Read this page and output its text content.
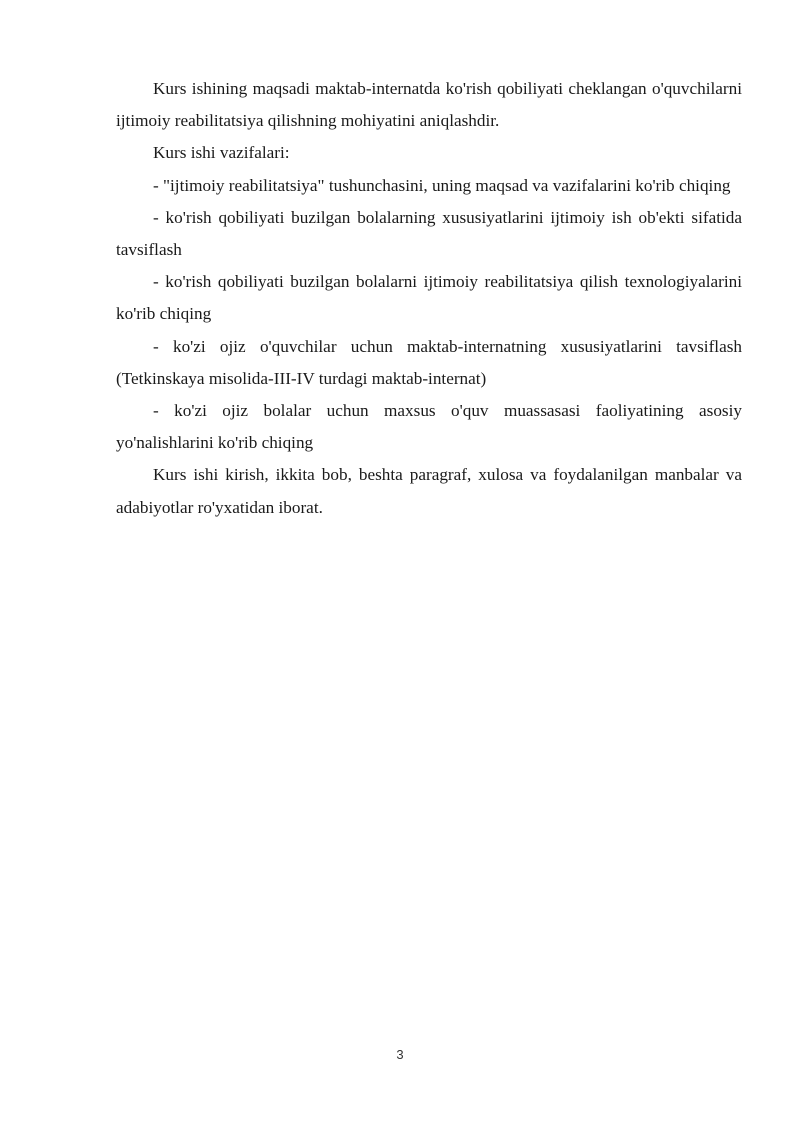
Kurs ishining maqsadi maktab-internatda ko'rish qobiliyati cheklangan o'quvchilarni ijtimoiy reabilitatsiya qilishning mohiyatini aniqlashdir.

Kurs ishi vazifalari:

- "ijtimoiy reabilitatsiya" tushunchasini, uning maqsad va vazifalarini ko'rib chiqing

- ko'rish qobiliyati buzilgan bolalarning xususiyatlarini ijtimoiy ish ob'ekti sifatida tavsiflash

- ko'rish qobiliyati buzilgan bolalarni ijtimoiy reabilitatsiya qilish texnologiyalarini ko'rib chiqing

- ko'zi ojiz o'quvchilar uchun maktab-internatning xususiyatlarini tavsiflash (Tetkinskaya misolida-III-IV turdagi maktab-internat)

- ko'zi ojiz bolalar uchun maxsus o'quv muassasasi faoliyatining asosiy yo'nalishlarini ko'rib chiqing

Kurs ishi kirish, ikkita bob, beshta paragraf, xulosa va foydalanilgan manbalar va adabiyotlar ro'yxatidan iborat.

3
